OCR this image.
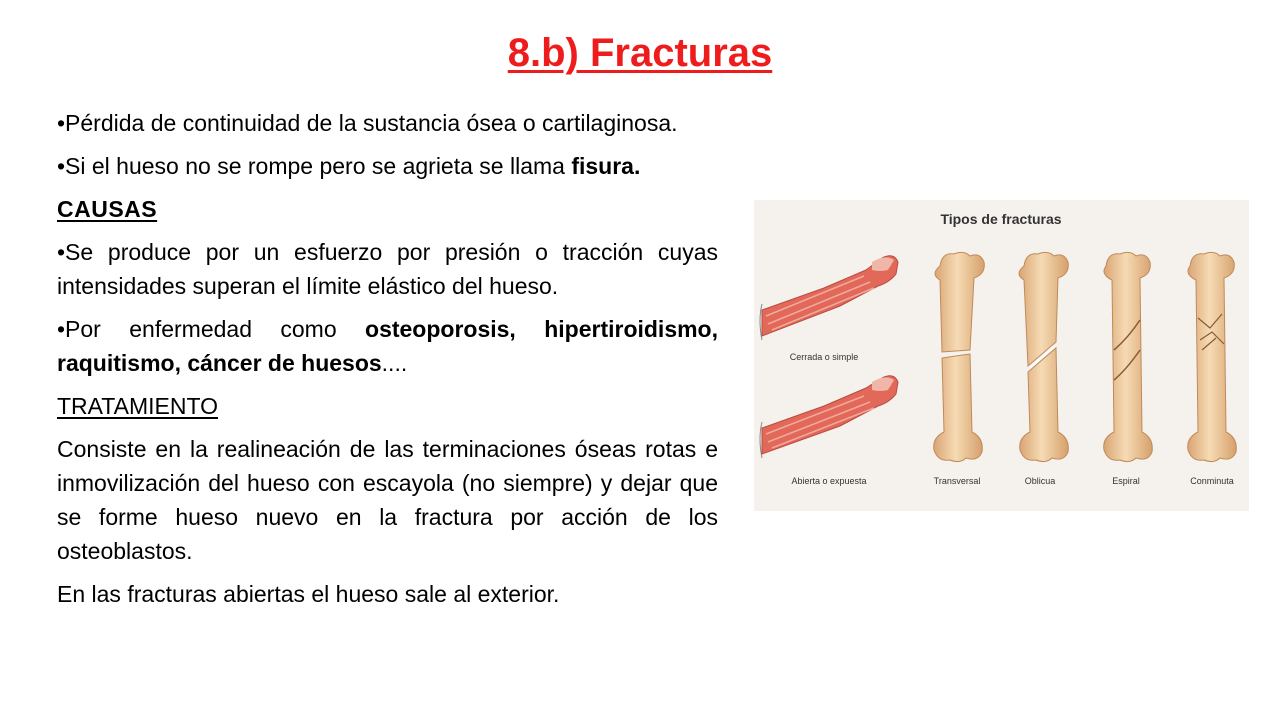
8.b) Fracturas

•Pérdida de continuidad de la sustancia ósea o cartilaginosa.

•Si el hueso no se rompe pero se agrieta se llama fisura.

CAUSAS

•Se produce por un esfuerzo por presión o tracción cuyas intensidades superan el límite elástico del hueso.

•Por enfermedad como osteoporosis, hipertiroidismo, raquitismo, cáncer de huesos....

TRATAMIENTO

Consiste en la realineación de las terminaciones óseas rotas e inmovilización del hueso con escayola (no siempre) y dejar que se forme hueso nuevo en la fractura por acción de los osteoblastos.

En las fracturas abiertas el hueso sale al exterior.

Tipos de fracturas
Cerrada o simple
Abierta o expuesta	Transversal	Oblicua	Espiral	Conminuta
